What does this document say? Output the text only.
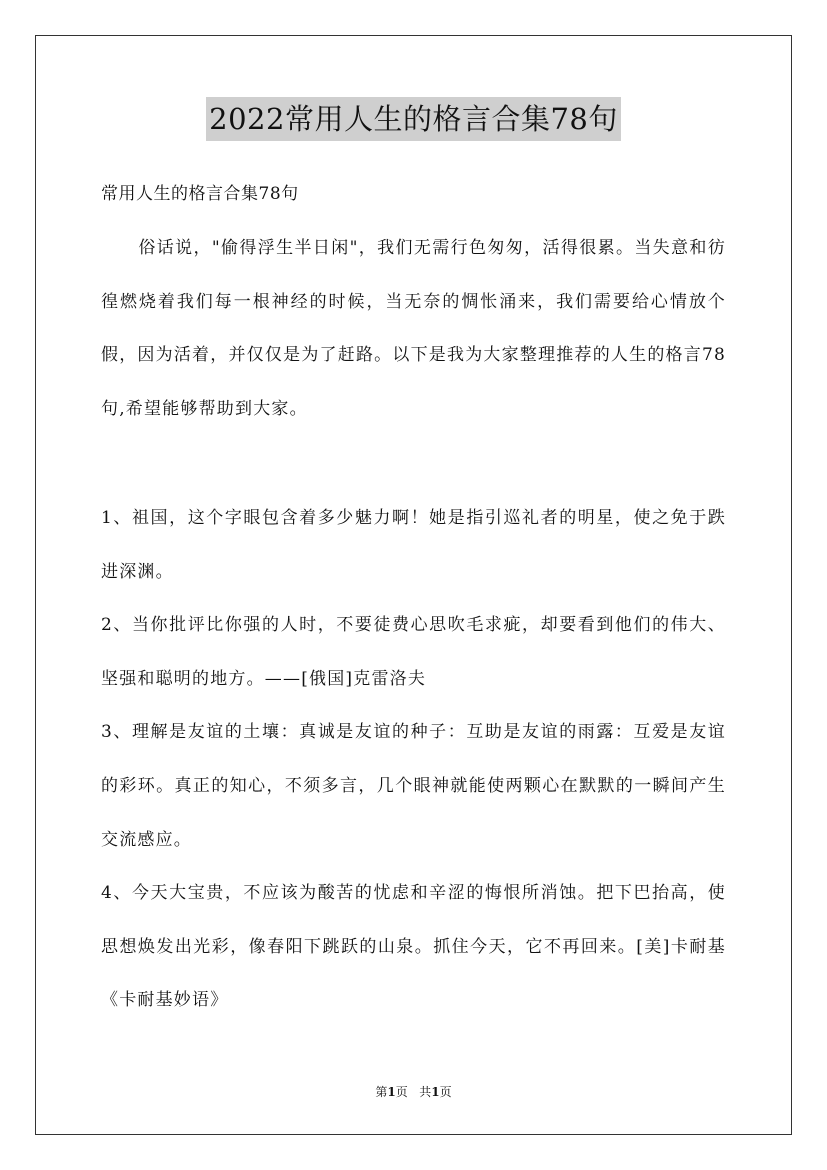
2022常用人生的格言合集78句
常用人生的格言合集78句

俗话说，"偷得浮生半日闲"，我们无需行色匆匆，活得很累。当失意和彷徨燃烧着我们每一根神经的时候，当无奈的惆怅涌来，我们需要给心情放个假，因为活着，并仅仅是为了赶路。以下是我为大家整理推荐的人生的格言78句,希望能够帮助到大家。

1、祖国，这个字眼包含着多少魅力啊！她是指引巡礼者的明星，使之免于跌进深渊。

2、当你批评比你强的人时，不要徒费心思吹毛求疵，却要看到他们的伟大、坚强和聪明的地方。——[俄国]克雷洛夫

3、理解是友谊的土壤：真诚是友谊的种子：互助是友谊的雨露：互爱是友谊的彩环。真正的知心，不须多言，几个眼神就能使两颗心在默默的一瞬间产生交流感应。

4、今天大宝贵，不应该为酸苦的忧虑和辛涩的悔恨所消蚀。把下巴抬高，使思想焕发出光彩，像春阳下跳跃的山泉。抓住今天，它不再回来。[美]卡耐基《卡耐基妙语》

第1页 共1页
